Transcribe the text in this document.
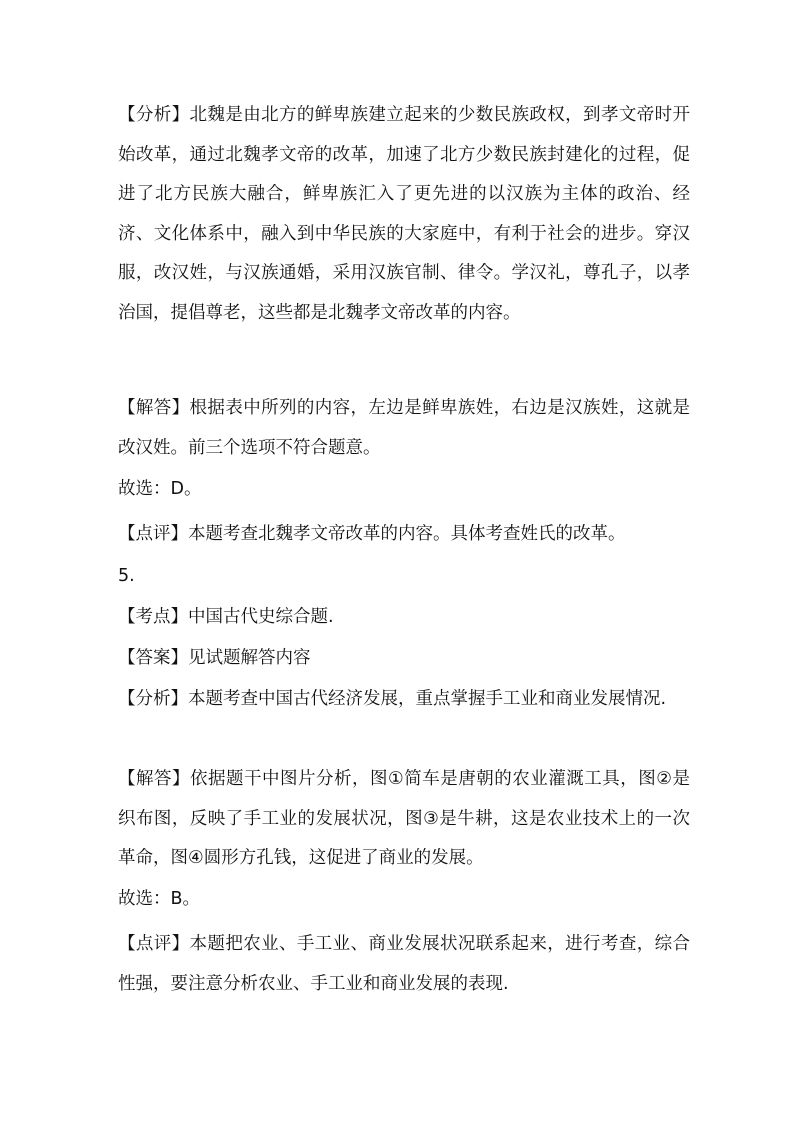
【分析】北魏是由北方的鲜卑族建立起来的少数民族政权，到孝文帝时开始改革，通过北魏孝文帝的改革，加速了北方少数民族封建化的过程，促进了北方民族大融合，鲜卑族汇入了更先进的以汉族为主体的政治、经济、文化体系中，融入到中华民族的大家庭中，有利于社会的进步。穿汉服，改汉姓，与汉族通婚，采用汉族官制、律令。学汉礼，尊孔子，以孝治国，提倡尊老，这些都是北魏孝文帝改革的内容。

【解答】根据表中所列的内容，左边是鲜卑族姓，右边是汉族姓，这就是改汉姓。前三个选项不符合题意。

故选：D。

【点评】本题考查北魏孝文帝改革的内容。具体考查姓氏的改革。

5.

【考点】中国古代史综合题.

【答案】见试题解答内容

【分析】本题考查中国古代经济发展，重点掌握手工业和商业发展情况.

【解答】依据题干中图片分析，图①简车是唐朝的农业灌溉工具，图②是织布图，反映了手工业的发展状况，图③是牛耕，这是农业技术上的一次革命，图④圆形方孔钱，这促进了商业的发展。

故选：B。

【点评】本题把农业、手工业、商业发展状况联系起来，进行考查，综合性强，要注意分析农业、手工业和商业发展的表现.
